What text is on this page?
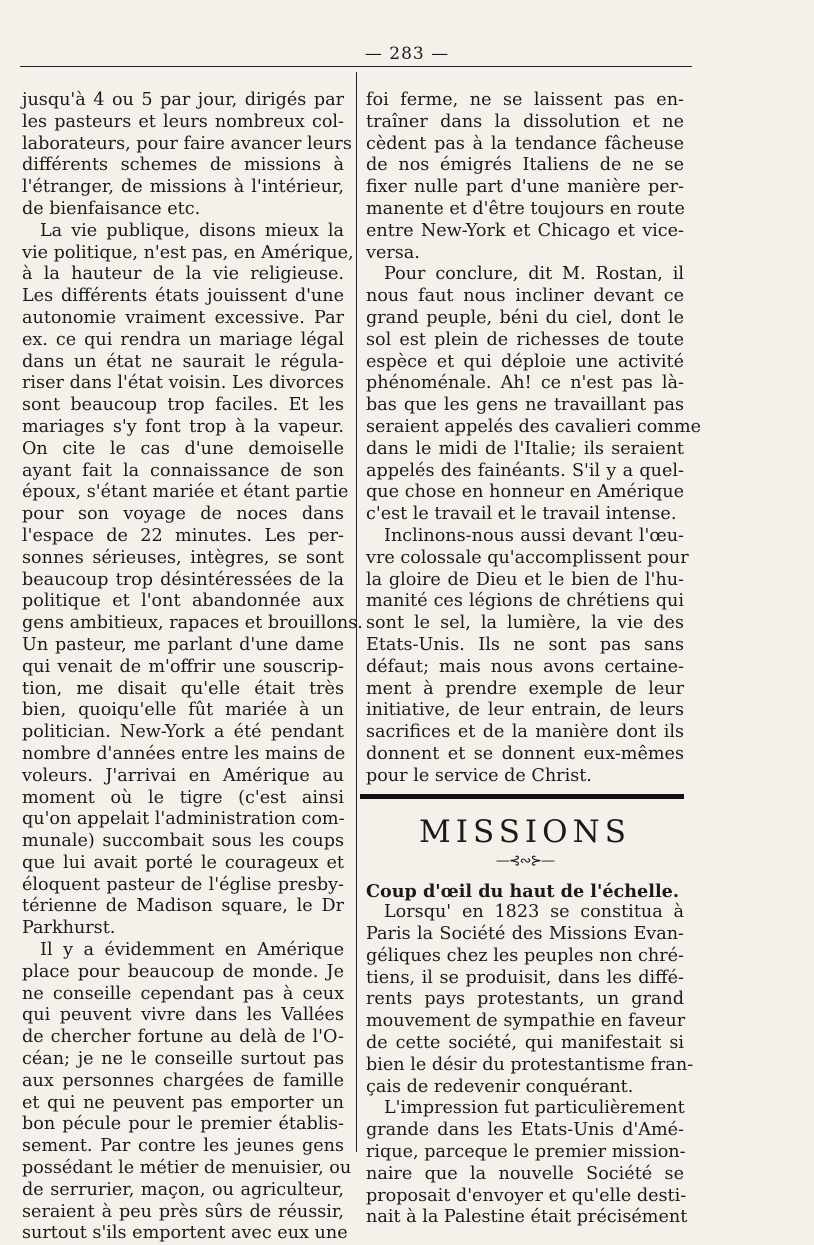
— 283 —
jusqu'à 4 ou 5 par jour, dirigés par
les pasteurs et leurs nombreux col-
laborateurs, pour faire avancer leurs
différents schemes de missions à
l'étranger, de missions à l'intérieur,
de bienfaisance etc.
La vie publique, disons mieux la
vie politique, n'est pas, en Amérique,
à la hauteur de la vie religieuse.
Les différents états jouissent d'une
autonomie vraiment excessive. Par
ex. ce qui rendra un mariage légal
dans un état ne saurait le régula-
riser dans l'état voisin. Les divorces
sont beaucoup trop faciles. Et les
mariages s'y font trop à la vapeur.
On cite le cas d'une demoiselle
ayant fait la connaissance de son
époux, s'étant mariée et étant partie
pour son voyage de noces dans
l'espace de 22 minutes. Les per-
sonnes sérieuses, intègres, se sont
beaucoup trop désintéressées de la
politique et l'ont abandonnée aux
gens ambitieux, rapaces et brouillons.
Un pasteur, me parlant d'une dame
qui venait de m'offrir une souscrip-
tion, me disait qu'elle était très
bien, quoiqu'elle fût mariée à un
politician. New-York a été pendant
nombre d'années entre les mains de
voleurs. J'arrivai en Amérique au
moment où le tigre (c'est ainsi
qu'on appelait l'administration com-
munale) succombait sous les coups
que lui avait porté le courageux et
éloquent pasteur de l'église presby-
térienne de Madison square, le Dr
Parkhurst.
Il y a évidemment en Amérique
place pour beaucoup de monde. Je
ne conseille cependant pas à ceux
qui peuvent vivre dans les Vallées
de chercher fortune au delà de l'O-
céan; je ne le conseille surtout pas
aux personnes chargées de famille
et qui ne peuvent pas emporter un
bon pécule pour le premier établis-
sement. Par contre les jeunes gens
possédant le métier de menuisier, ou
de serrurier, maçon, ou agriculteur,
seraient à peu près sûrs de réussir,
surtout s'ils emportent avec eux une
foi ferme, ne se laissent pas en-
traîner dans la dissolution et ne
cèdent pas à la tendance fâcheuse
de nos émigrés Italiens de ne se
fixer nulle part d'une manière per-
manente et d'être toujours en route
entre New-York et Chicago et vice-
versa.
Pour conclure, dit M. Rostan, il
nous faut nous incliner devant ce
grand peuple, béni du ciel, dont le
sol est plein de richesses de toute
espèce et qui déploie une activité
phénoménale. Ah! ce n'est pas là-
bas que les gens ne travaillant pas
seraient appelés des cavalieri comme
dans le midi de l'Italie; ils seraient
appelés des fainéants. S'il y a quel-
que chose en honneur en Amérique
c'est le travail et le travail intense.
Inclinons-nous aussi devant l'œu-
vre colossale qu'accomplissent pour
la gloire de Dieu et le bien de l'hu-
manité ces légions de chrétiens qui
sont le sel, la lumière, la vie des
Etats-Unis. Ils ne sont pas sans
défaut; mais nous avons certaine-
ment à prendre exemple de leur
initiative, de leur entrain, de leurs
sacrifices et de la manière dont ils
donnent et se donnent eux-mêmes
pour le service de Christ.
MISSIONS
—⊰∾⊱—
Coup d'œil du haut de l'échelle.
Lorsqu' en 1823 se constitua à
Paris la Société des Missions Evan-
géliques chez les peuples non chré-
tiens, il se produisit, dans les diffé-
rents pays protestants, un grand
mouvement de sympathie en faveur
de cette société, qui manifestait si
bien le désir du protestantisme fran-
çais de redevenir conquérant.
L'impression fut particulièrement
grande dans les Etats-Unis d'Amé-
rique, parceque le premier mission-
naire que la nouvelle Société se
proposait d'envoyer et qu'elle desti-
nait à la Palestine était précisément
